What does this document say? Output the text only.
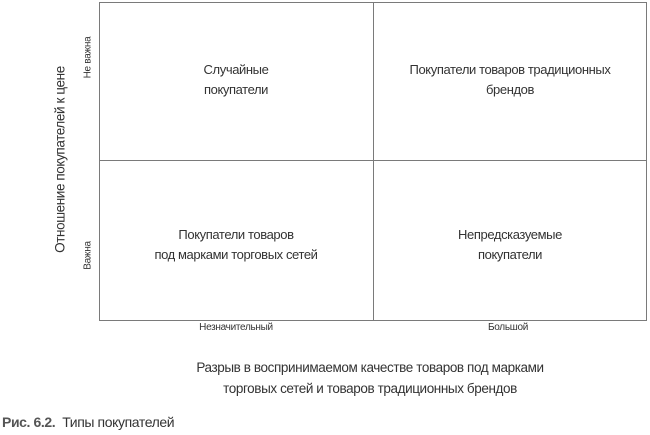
Случайные
покупатели
Покупатели товаров традиционных
брендов
Покупатели товаров
под марками торговых сетей
Непредсказуемые
покупатели
Отношение покупателей к цене
Не важна
Важна
Незначительный	Большой
Разрыв в воспринимаемом качестве товаров под марками
торговых сетей и товаров традиционных брендов
Рис. 6.2. Типы покупателей
